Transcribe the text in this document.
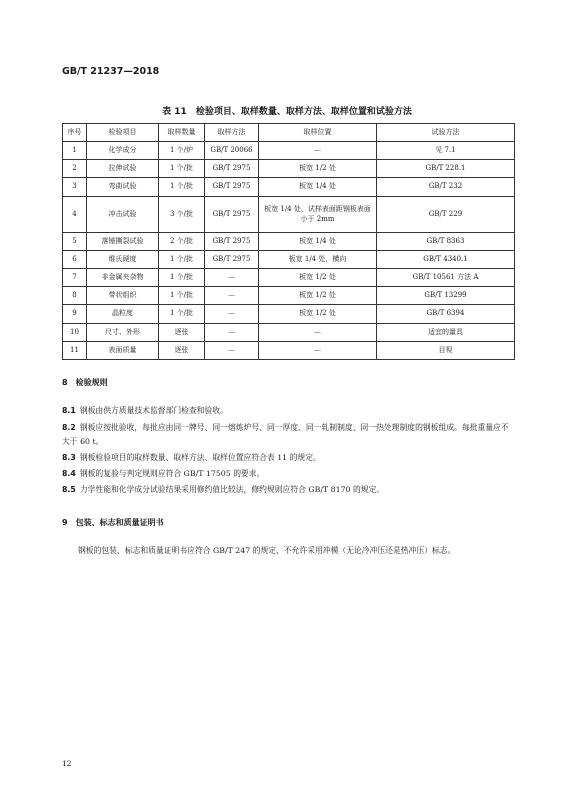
GB/T 21237—2018
表 11　检验项目、取样数量、取样方法、取样位置和试验方法
序号	检验项目	取样数量	取样方法	取样位置	试验方法
1	化学成分	1 个/炉	GB/T 20066	—	见 7.1
2	拉伸试验	1 个/批	GB/T 2975	板宽 1/2 处	GB/T 228.1
3	弯曲试验	1 个/批	GB/T 2975	板宽 1/4 处	GB/T 232
4	冲击试验	3 个/批	GB/T 2975	板宽 1/4 处，试样表面距钢板表面小于 2mm	GB/T 229
5	落锤撕裂试验	2 个/批	GB/T 2975	板宽 1/4 处	GB/T 8363
6	维氏硬度	1 个/批	GB/T 2975	板宽 1/4 处，横向	GB/T 4340.1
7	非金属夹杂物	1 个/批	—	板宽 1/2 处	GB/T 10561 方法 A
8	带状组织	1 个/批	—	板宽 1/2 处	GB/T 13299
9	晶粒度	1 个/批	—	板宽 1/2 处	GB/T 6394
10	尺寸、外形	逐张	—	—	适宜的量具
11	表面质量	逐张	—	—	目视
8　检验规则
8.1 钢板由供方质量技术监督部门检查和验收。
8.2 钢板应按批验收，每批应由同一牌号、同一熔炼炉号、同一厚度、同一轧制制度、同一热处理制度的钢板组成。每批重量应不大于 60 t。
8.3 钢板检验项目的取样数量、取样方法、取样位置应符合表 11 的规定。
8.4 钢板的复验与判定规则应符合 GB/T 17505 的要求。
8.5 力学性能和化学成分试验结果采用修约值比较法，修约规则应符合 GB/T 8170 的规定。
9　包装、标志和质量证明书
钢板的包装、标志和质量证明书应符合 GB/T 247 的规定，不允许采用冲模（无论冷冲压还是热冲压）标志。
12
